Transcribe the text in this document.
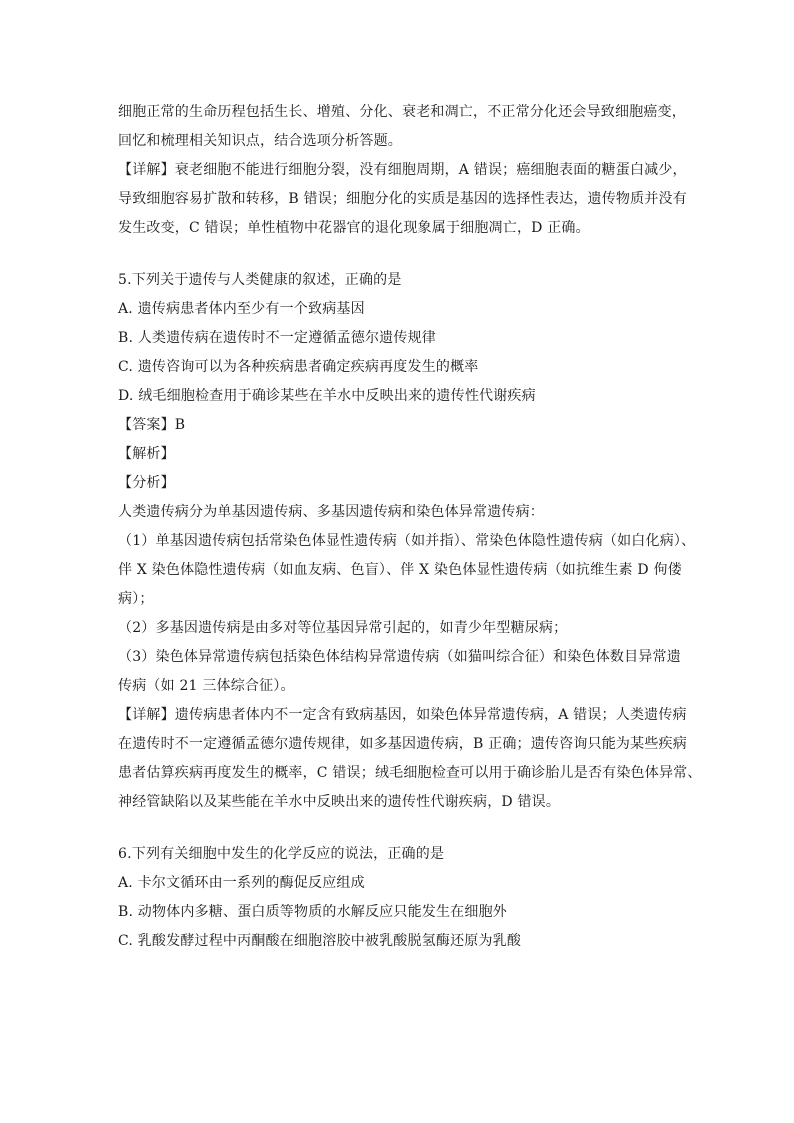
细胞正常的生命历程包括生长、增殖、分化、衰老和凋亡，不正常分化还会导致细胞癌变，
回忆和梳理相关知识点，结合选项分析答题。
【详解】衰老细胞不能进行细胞分裂，没有细胞周期，A 错误；癌细胞表面的糖蛋白减少，
导致细胞容易扩散和转移，B 错误；细胞分化的实质是基因的选择性表达，遗传物质并没有
发生改变，C 错误；单性植物中花器官的退化现象属于细胞凋亡，D 正确。
5.下列关于遗传与人类健康的叙述，正确的是
A. 遗传病患者体内至少有一个致病基因
B. 人类遗传病在遗传时不一定遵循孟德尔遗传规律
C. 遗传咨询可以为各种疾病患者确定疾病再度发生的概率
D. 绒毛细胞检查用于确诊某些在羊水中反映出来的遗传性代谢疾病
【答案】B
【解析】
【分析】
人类遗传病分为单基因遗传病、多基因遗传病和染色体异常遗传病：
（1）单基因遗传病包括常染色体显性遗传病（如并指）、常染色体隐性遗传病（如白化病）、
伴 X 染色体隐性遗传病（如血友病、色盲）、伴 X 染色体显性遗传病（如抗维生素 D 佝偻
病）；
（2）多基因遗传病是由多对等位基因异常引起的，如青少年型糖尿病；
（3）染色体异常遗传病包括染色体结构异常遗传病（如猫叫综合征）和染色体数目异常遗
传病（如 21 三体综合征）。
【详解】遗传病患者体内不一定含有致病基因，如染色体异常遗传病，A 错误；人类遗传病
在遗传时不一定遵循孟德尔遗传规律，如多基因遗传病，B 正确；遗传咨询只能为某些疾病
患者估算疾病再度发生的概率，C 错误；绒毛细胞检查可以用于确诊胎儿是否有染色体异常、
神经管缺陷以及某些能在羊水中反映出来的遗传性代谢疾病，D 错误。
6.下列有关细胞中发生的化学反应的说法，正确的是
A. 卡尔文循环由一系列的酶促反应组成
B. 动物体内多糖、蛋白质等物质的水解反应只能发生在细胞外
C. 乳酸发酵过程中丙酮酸在细胞溶胶中被乳酸脱氢酶还原为乳酸
